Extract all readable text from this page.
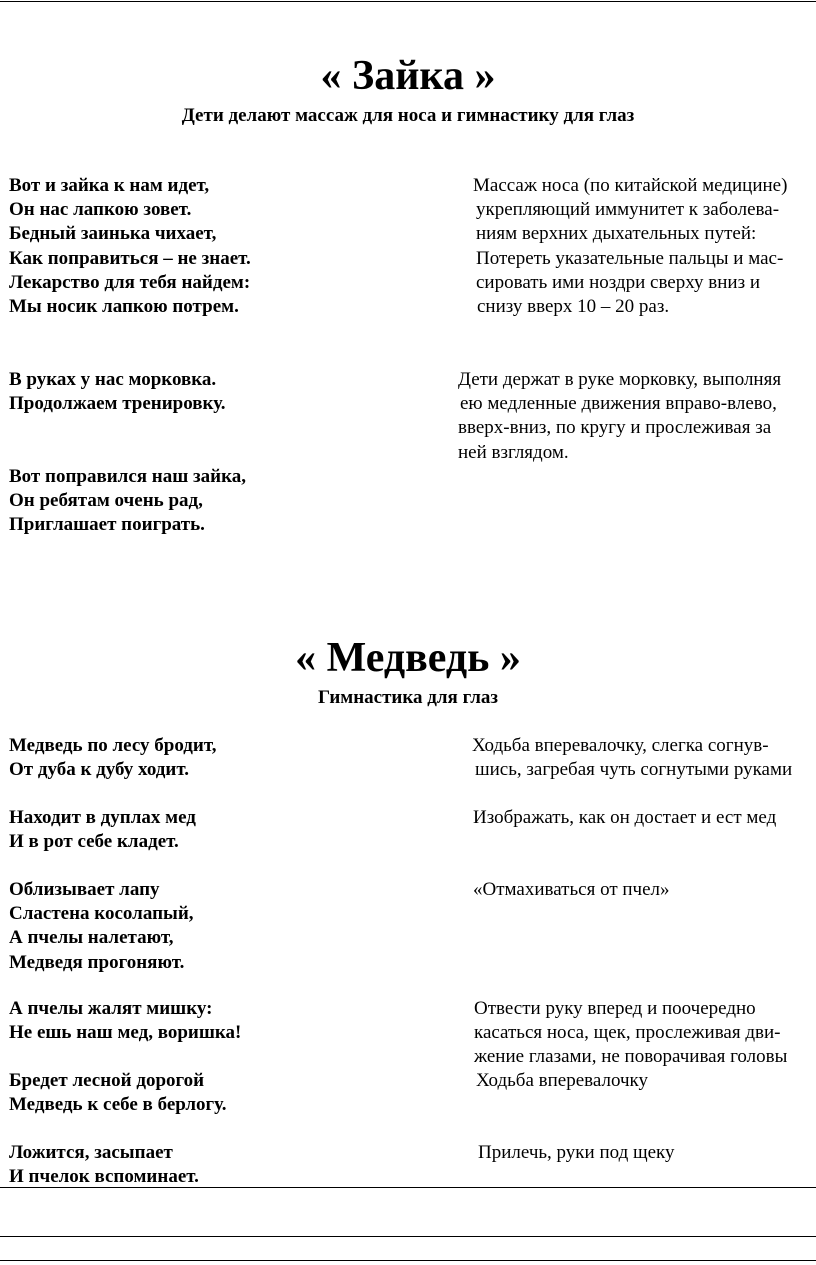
« Зайка »
Дети делают массаж для носа и гимнастику для глаз
Вот и зайка к нам идет,
Он нас лапкою зовет.
Бедный заинька чихает,
Как поправиться – не знает.
Лекарство для тебя найдем:
Мы носик лапкою потрем.
Массаж носа (по китайской медицине)
укрепляющий иммунитет к заболева-
ниям верхних дыхательных путей:
Потереть указательные пальцы и мас-
сировать ими ноздри сверху вниз и
снизу вверх 10 – 20 раз.
В руках у нас морковка.
Продолжаем тренировку.
Дети держат в руке морковку, выполняя
ею медленные движения вправо-влево,
вверх-вниз, по кругу и прослеживая за
ней взглядом.
Вот поправился наш зайка,
Он ребятам очень рад,
Приглашает поиграть.
« Медведь »
Гимнастика для глаз
Медведь по лесу бродит,
От дуба к дубу ходит.
Ходьба вперевалочку, слегка согнув-
шись, загребая чуть согнутыми руками
Находит в дуплах мед
И в рот себе кладет.
Изображать, как он достает и ест мед
Облизывает лапу
Сластена косолапый,
А пчелы налетают,
Медведя прогоняют.
«Отмахиваться от пчел»
А пчелы жалят мишку:
Не ешь наш мед, воришка!
Отвести руку вперед и поочередно
касаться носа, щек, прослеживая дви-
жение глазами, не поворачивая головы
Бредет лесной дорогой
Медведь к себе в берлогу.
Ходьба вперевалочку
Ложится, засыпает
И пчелок вспоминает.
Прилечь, руки под щеку
